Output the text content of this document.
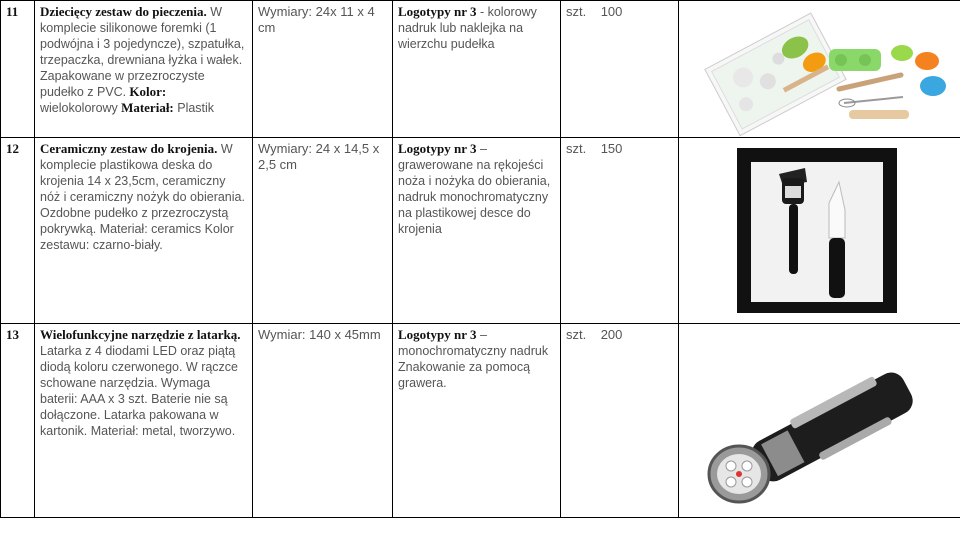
11	Dziecięcy zestaw do pieczenia. W komplecie silikonowe foremki (1 podwójna i 3 pojedyncze), szpatułka, trzepaczka, drewniana łyżka i wałek. Zapakowane w przezroczyste pudełko z PVC. Kolor:
wielokolorowy Materiał: Plastik	Wymiary: 24x 11 x 4 cm	Logotypy nr 3 - kolorowy nadruk lub naklejka na wierzchu pudełka	szt. 100	

12	Ceramiczny zestaw do krojenia. W komplecie plastikowa deska do krojenia 14 x 23,5cm, ceramiczny nóż i ceramiczny nożyk do obierania. Ozdobne pudełko z przezroczystą pokrywką. Materiał: ceramics Kolor zestawu: czarno-biały.	Wymiary: 24 x 14,5 x 2,5 cm	Logotypy nr 3 – grawerowane na rękojeści noża i nożyka do obierania, nadruk monochromatyczny na plastikowej desce do krojenia	szt. 150	

13	Wielofunkcyjne narzędzie z latarką. Latarka z 4 diodami LED oraz piątą diodą koloru czerwonego. W rączce schowane narzędzia. Wymaga baterii: AAA x 3 szt. Baterie nie są dołączone. Latarka pakowana w kartonik. Materiał: metal, tworzywo.	Wymiar: 140 x 45mm	Logotypy nr 3 – monochromatyczny nadruk Znakowanie za pomocą grawera.	szt. 200	
